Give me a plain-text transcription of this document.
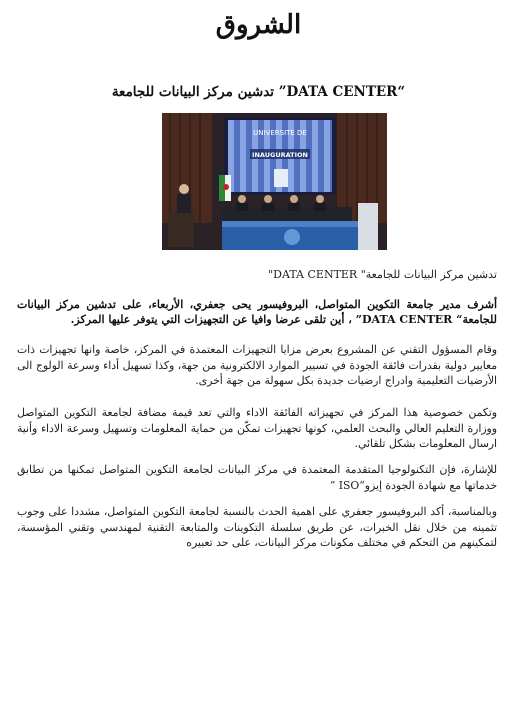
الشروق
“DATA CENTER” تدشين مركز البيانات للجامعة
UNIVERSITE DE
INAUGURATION
تدشين مركز البيانات للجامعة" DATA CENTER"
أشرف مدير جامعة التكوين المتواصل، البروفيسور يحى جعفري، الأربعاء، على تدشين مركز البيانات للجامعة“ DATA CENTER” ، أين تلقى عرضا وافيا عن التجهيزات التي يتوفر عليها المركز.
وقام المسؤول التقني عن المشروع بعرض مزايا التجهيزات المعتمدة في المركز، خاصة وانها تجهيزات ذات معايير دولية بقدرات فائقة الجودة في تسيير الموارد الالكترونية من جهة، وكذا تسهيل أداء وسرعة الولوج الى الأرضيات التعليمية وادراج ارضيات جديدة بكل سهولة من جهة أخرى.
وتكمن خصوصية هذا المركز في تجهيزاته الفائقة الاداء والتي تعد قيمة مضافة لجامعة التكوين المتواصل ووزارة التعليم العالي والبحث العلمي، كونها تجهيزات تمكّن من حماية المعلومات وتسهيل وسرعة الاداء وأنية ارسال المعلومات بشكل تلقائي.
للإشارة، فإن التكنولوجيا المتقدمة المعتمدة في مركز البيانات لجامعة التكوين المتواصل تمكنها من تطابق خدماتها مع شهادة الجودة إيزو“ISO ”
وبالمناسبة، أكد البروفيسور جعفري على اهمية الحدث بالنسبة لجامعة التكوين المتواصل، مشددا على وجوب تثمينه من خلال نقل الخبرات، عن طريق سلسلة التكوينات والمتابعة التقنية لمهندسي وتقني المؤسسة، لتمكينهم من التحكم في مختلف مكونات مركز البيانات، على حد تعبيره
